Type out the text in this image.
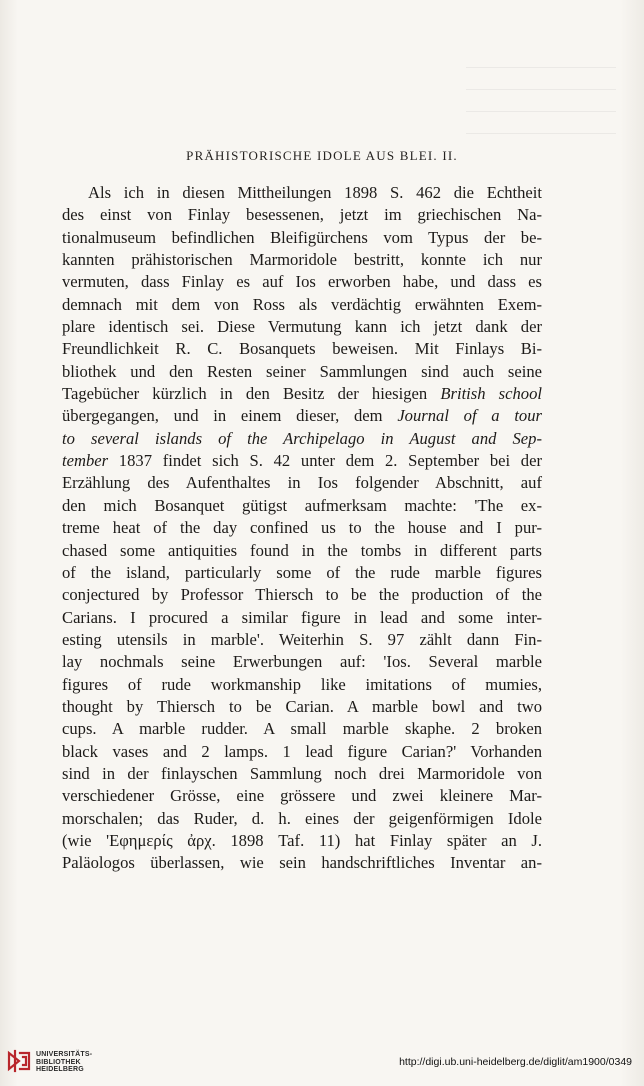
PRÄHISTORISCHE IDOLE AUS BLEI. II.
Als ich in diesen Mittheilungen 1898 S. 462 die Echtheit
des einst von Finlay besessenen, jetzt im griechischen Na-
tionalmuseum befindlichen Bleifigürchens vom Typus der be-
kannten prähistorischen Marmoridole bestritt, konnte ich nur
vermuten, dass Finlay es auf Ios erworben habe, und dass es
demnach mit dem von Ross als verdächtig erwähnten Exem-
plare identisch sei. Diese Vermutung kann ich jetzt dank der
Freundlichkeit R. C. Bosanquets beweisen. Mit Finlays Bi-
bliothek und den Resten seiner Sammlungen sind auch seine
Tagebücher kürzlich in den Besitz der hiesigen British school
übergegangen, und in einem dieser, dem Journal of a tour
to several islands of the Archipelago in August and Sep-
tember 1837 findet sich S. 42 unter dem 2. September bei der
Erzählung des Aufenthaltes in Ios folgender Abschnitt, auf
den mich Bosanquet gütigst aufmerksam machte: 'The ex-
treme heat of the day confined us to the house and I pur-
chased some antiquities found in the tombs in different parts
of the island, particularly some of the rude marble figures
conjectured by Professor Thiersch to be the production of the
Carians. I procured a similar figure in lead and some inter-
esting utensils in marble'. Weiterhin S. 97 zählt dann Fin-
lay nochmals seine Erwerbungen auf: 'Ios. Several marble
figures of rude workmanship like imitations of mumies,
thought by Thiersch to be Carian. A marble bowl and two
cups. A marble rudder. A small marble skaphe. 2 broken
black vases and 2 lamps. 1 lead figure Carian?' Vorhanden
sind in der finlayschen Sammlung noch drei Marmoridole von
verschiedener Grösse, eine grössere und zwei kleinere Mar-
morschalen; das Ruder, d. h. eines der geigenförmigen Idole
(wie 'Εφημερίς ἀρχ. 1898 Taf. 11) hat Finlay später an J.
Paläologos überlassen, wie sein handschriftliches Inventar an-
UNIVERSITÄTS-
BIBLIOTHEK
HEIDELBERG
http://digi.ub.uni-heidelberg.de/diglit/am1900/0349
